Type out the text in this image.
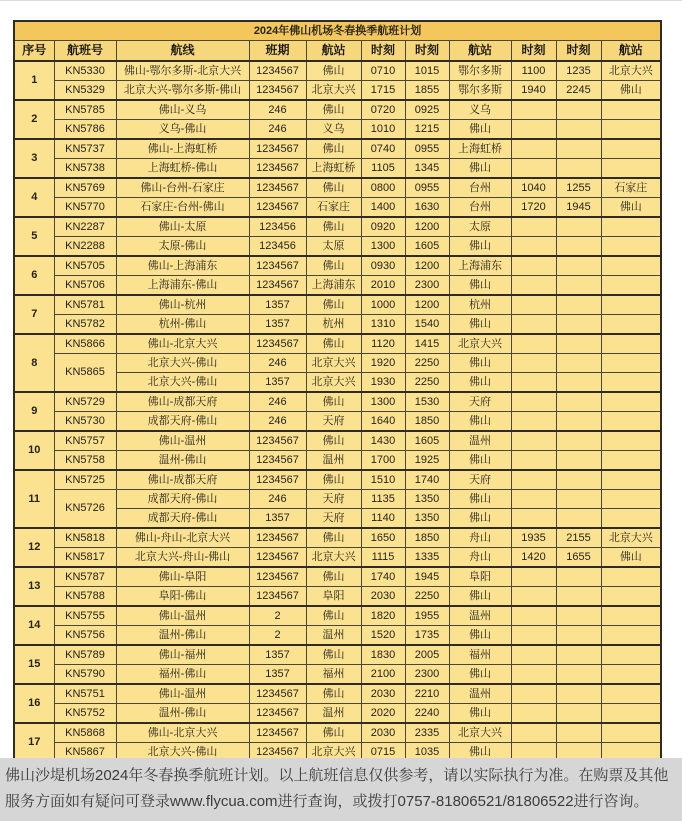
2024年佛山机场冬春换季航班计划										
序号	航班号	航线	班期	航站	时刻	时刻	航站	时刻	时刻	航站
1	KN5330	佛山-鄂尔多斯-北京大兴	1234567	佛山	0710	1015	鄂尔多斯	1100	1235	北京大兴
	KN5329	北京大兴-鄂尔多斯-佛山	1234567	北京大兴	1715	1855	鄂尔多斯	1940	2245	佛山
2	KN5785	佛山-义乌	246	佛山	0720	0925	义乌			
	KN5786	义乌-佛山	246	义乌	1010	1215	佛山			
3	KN5737	佛山-上海虹桥	1234567	佛山	0740	0955	上海虹桥			
	KN5738	上海虹桥-佛山	1234567	上海虹桥	1105	1345	佛山			
4	KN5769	佛山-台州-石家庄	1234567	佛山	0800	0955	台州	1040	1255	石家庄
	KN5770	石家庄-台州-佛山	1234567	石家庄	1400	1630	台州	1720	1945	佛山
5	KN2287	佛山-太原	123456	佛山	0920	1200	太原			
	KN2288	太原-佛山	123456	太原	1300	1605	佛山			
6	KN5705	佛山-上海浦东	1234567	佛山	0930	1200	上海浦东			
	KN5706	上海浦东-佛山	1234567	上海浦东	2010	2300	佛山			
7	KN5781	佛山-杭州	1357	佛山	1000	1200	杭州			
	KN5782	杭州-佛山	1357	杭州	1310	1540	佛山			
8	KN5866	佛山-北京大兴	1234567	佛山	1120	1415	北京大兴			
	KN5865	北京大兴-佛山	246	北京大兴	1920	2250	佛山			
		北京大兴-佛山	1357	北京大兴	1930	2250	佛山			
9	KN5729	佛山-成都天府	246	佛山	1300	1530	天府			
	KN5730	成都天府-佛山	246	天府	1640	1850	佛山			
10	KN5757	佛山-温州	1234567	佛山	1430	1605	温州			
	KN5758	温州-佛山	1234567	温州	1700	1925	佛山			
11	KN5725	佛山-成都天府	1234567	佛山	1510	1740	天府			
	KN5726	成都天府-佛山	246	天府	1135	1350	佛山			
		成都天府-佛山	1357	天府	1140	1350	佛山			
12	KN5818	佛山-舟山-北京大兴	1234567	佛山	1650	1850	舟山	1935	2155	北京大兴
	KN5817	北京大兴-舟山-佛山	1234567	北京大兴	1115	1335	舟山	1420	1655	佛山
13	KN5787	佛山-阜阳	1234567	佛山	1740	1945	阜阳			
	KN5788	阜阳-佛山	1234567	阜阳	2030	2250	佛山			
14	KN5755	佛山-温州	2	佛山	1820	1955	温州			
	KN5756	温州-佛山	2	温州	1520	1735	佛山			
15	KN5789	佛山-福州	1357	佛山	1830	2005	福州			
	KN5790	福州-佛山	1357	福州	2100	2300	佛山			
16	KN5751	佛山-温州	1234567	佛山	2030	2210	温州			
	KN5752	温州-佛山	1234567	温州	2020	2240	佛山			
17	KN5868	佛山-北京大兴	1234567	佛山	2030	2335	北京大兴			
	KN5867	北京大兴-佛山	1234567	北京大兴	0715	1035	佛山			
佛山沙堤机场2024年冬春换季航班计划。以上航班信息仅供参考，请以实际执行为准。在购票及其他服务方面如有疑问可登录www.flycua.com进行查询，或拨打0757-81806521/81806522进行咨询。
